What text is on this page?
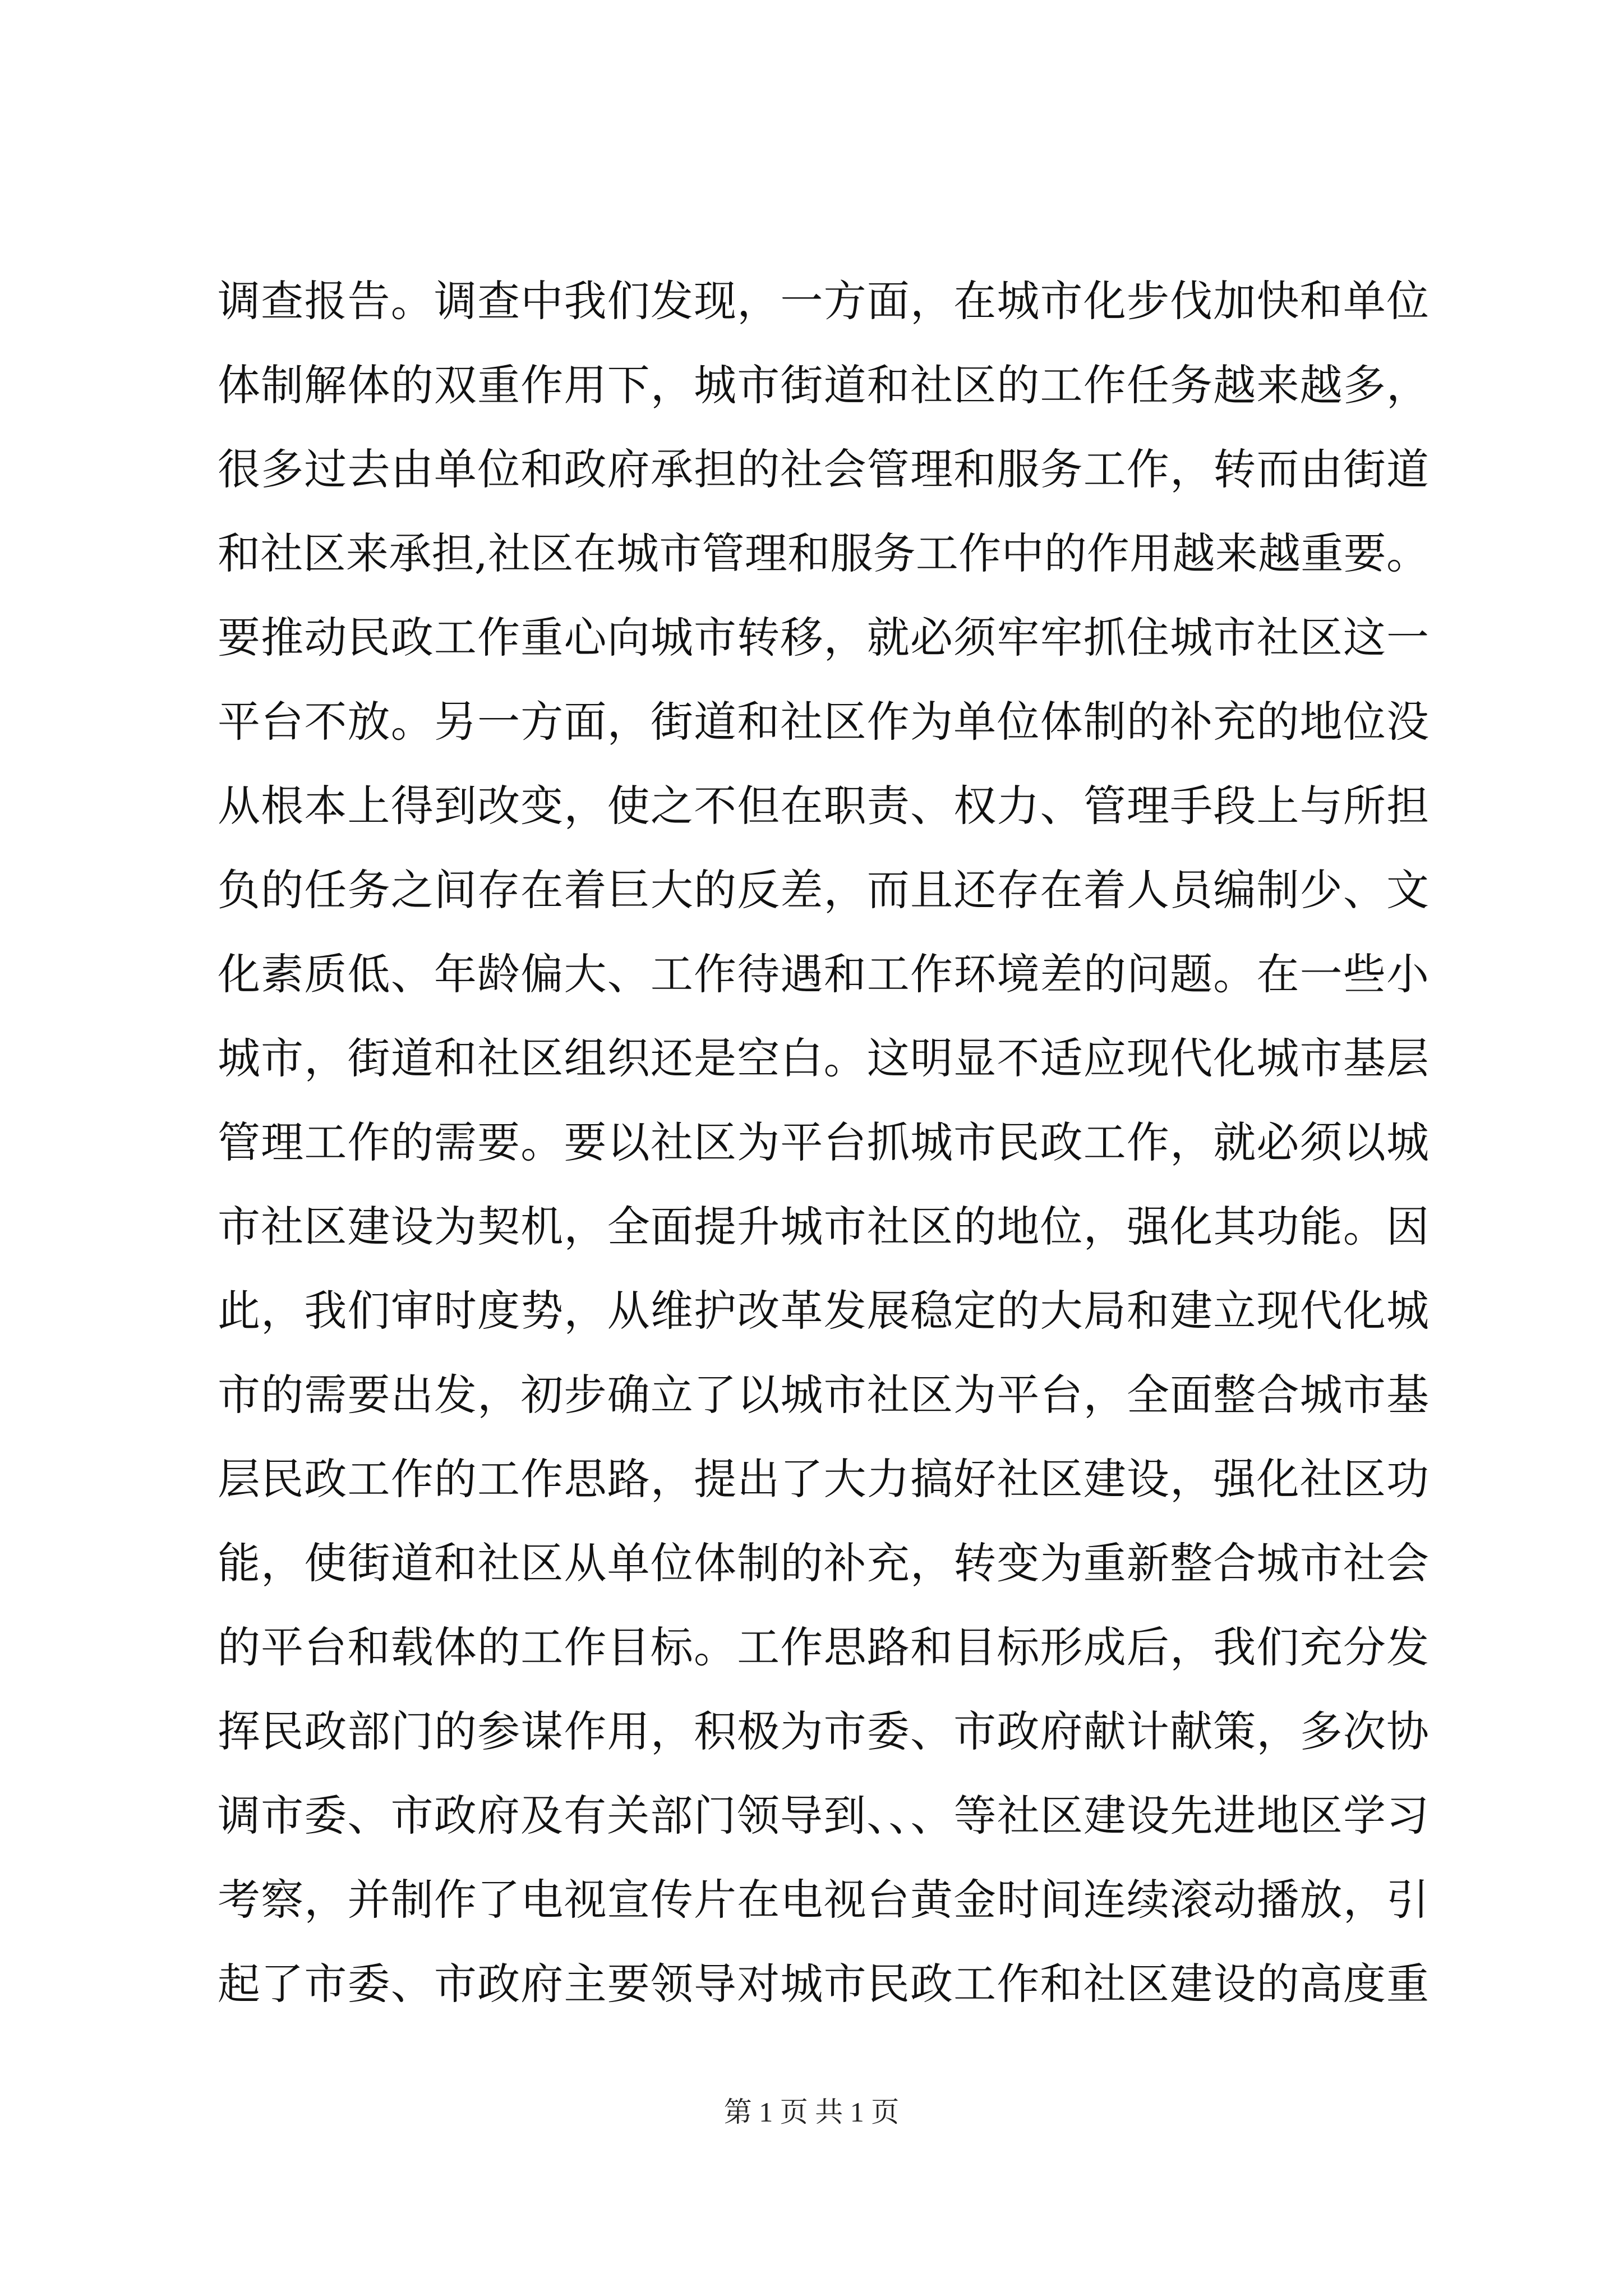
调查报告。调查中我们发现，一方面，在城市化步伐加快和单位
体制解体的双重作用下，城市街道和社区的工作任务越来越多，
很多过去由单位和政府承担的社会管理和服务工作，转而由街道
和社区来承担,社区在城市管理和服务工作中的作用越来越重要。
要推动民政工作重心向城市转移，就必须牢牢抓住城市社区这一
平台不放。另一方面，街道和社区作为单位体制的补充的地位没
从根本上得到改变，使之不但在职责、权力、管理手段上与所担
负的任务之间存在着巨大的反差，而且还存在着人员编制少、文
化素质低、年龄偏大、工作待遇和工作环境差的问题。在一些小
城市，街道和社区组织还是空白。这明显不适应现代化城市基层
管理工作的需要。要以社区为平台抓城市民政工作，就必须以城
市社区建设为契机，全面提升城市社区的地位，强化其功能。因
此，我们审时度势，从维护改革发展稳定的大局和建立现代化城
市的需要出发，初步确立了以城市社区为平台，全面整合城市基
层民政工作的工作思路，提出了大力搞好社区建设，强化社区功
能，使街道和社区从单位体制的补充，转变为重新整合城市社会
的平台和载体的工作目标。工作思路和目标形成后，我们充分发
挥民政部门的参谋作用，积极为市委、市政府献计献策，多次协
调市委、市政府及有关部门领导到、、、等社区建设先进地区学习
考察，并制作了电视宣传片在电视台黄金时间连续滚动播放，引
起了市委、市政府主要领导对城市民政工作和社区建设的高度重
第 1 页 共 1 页
